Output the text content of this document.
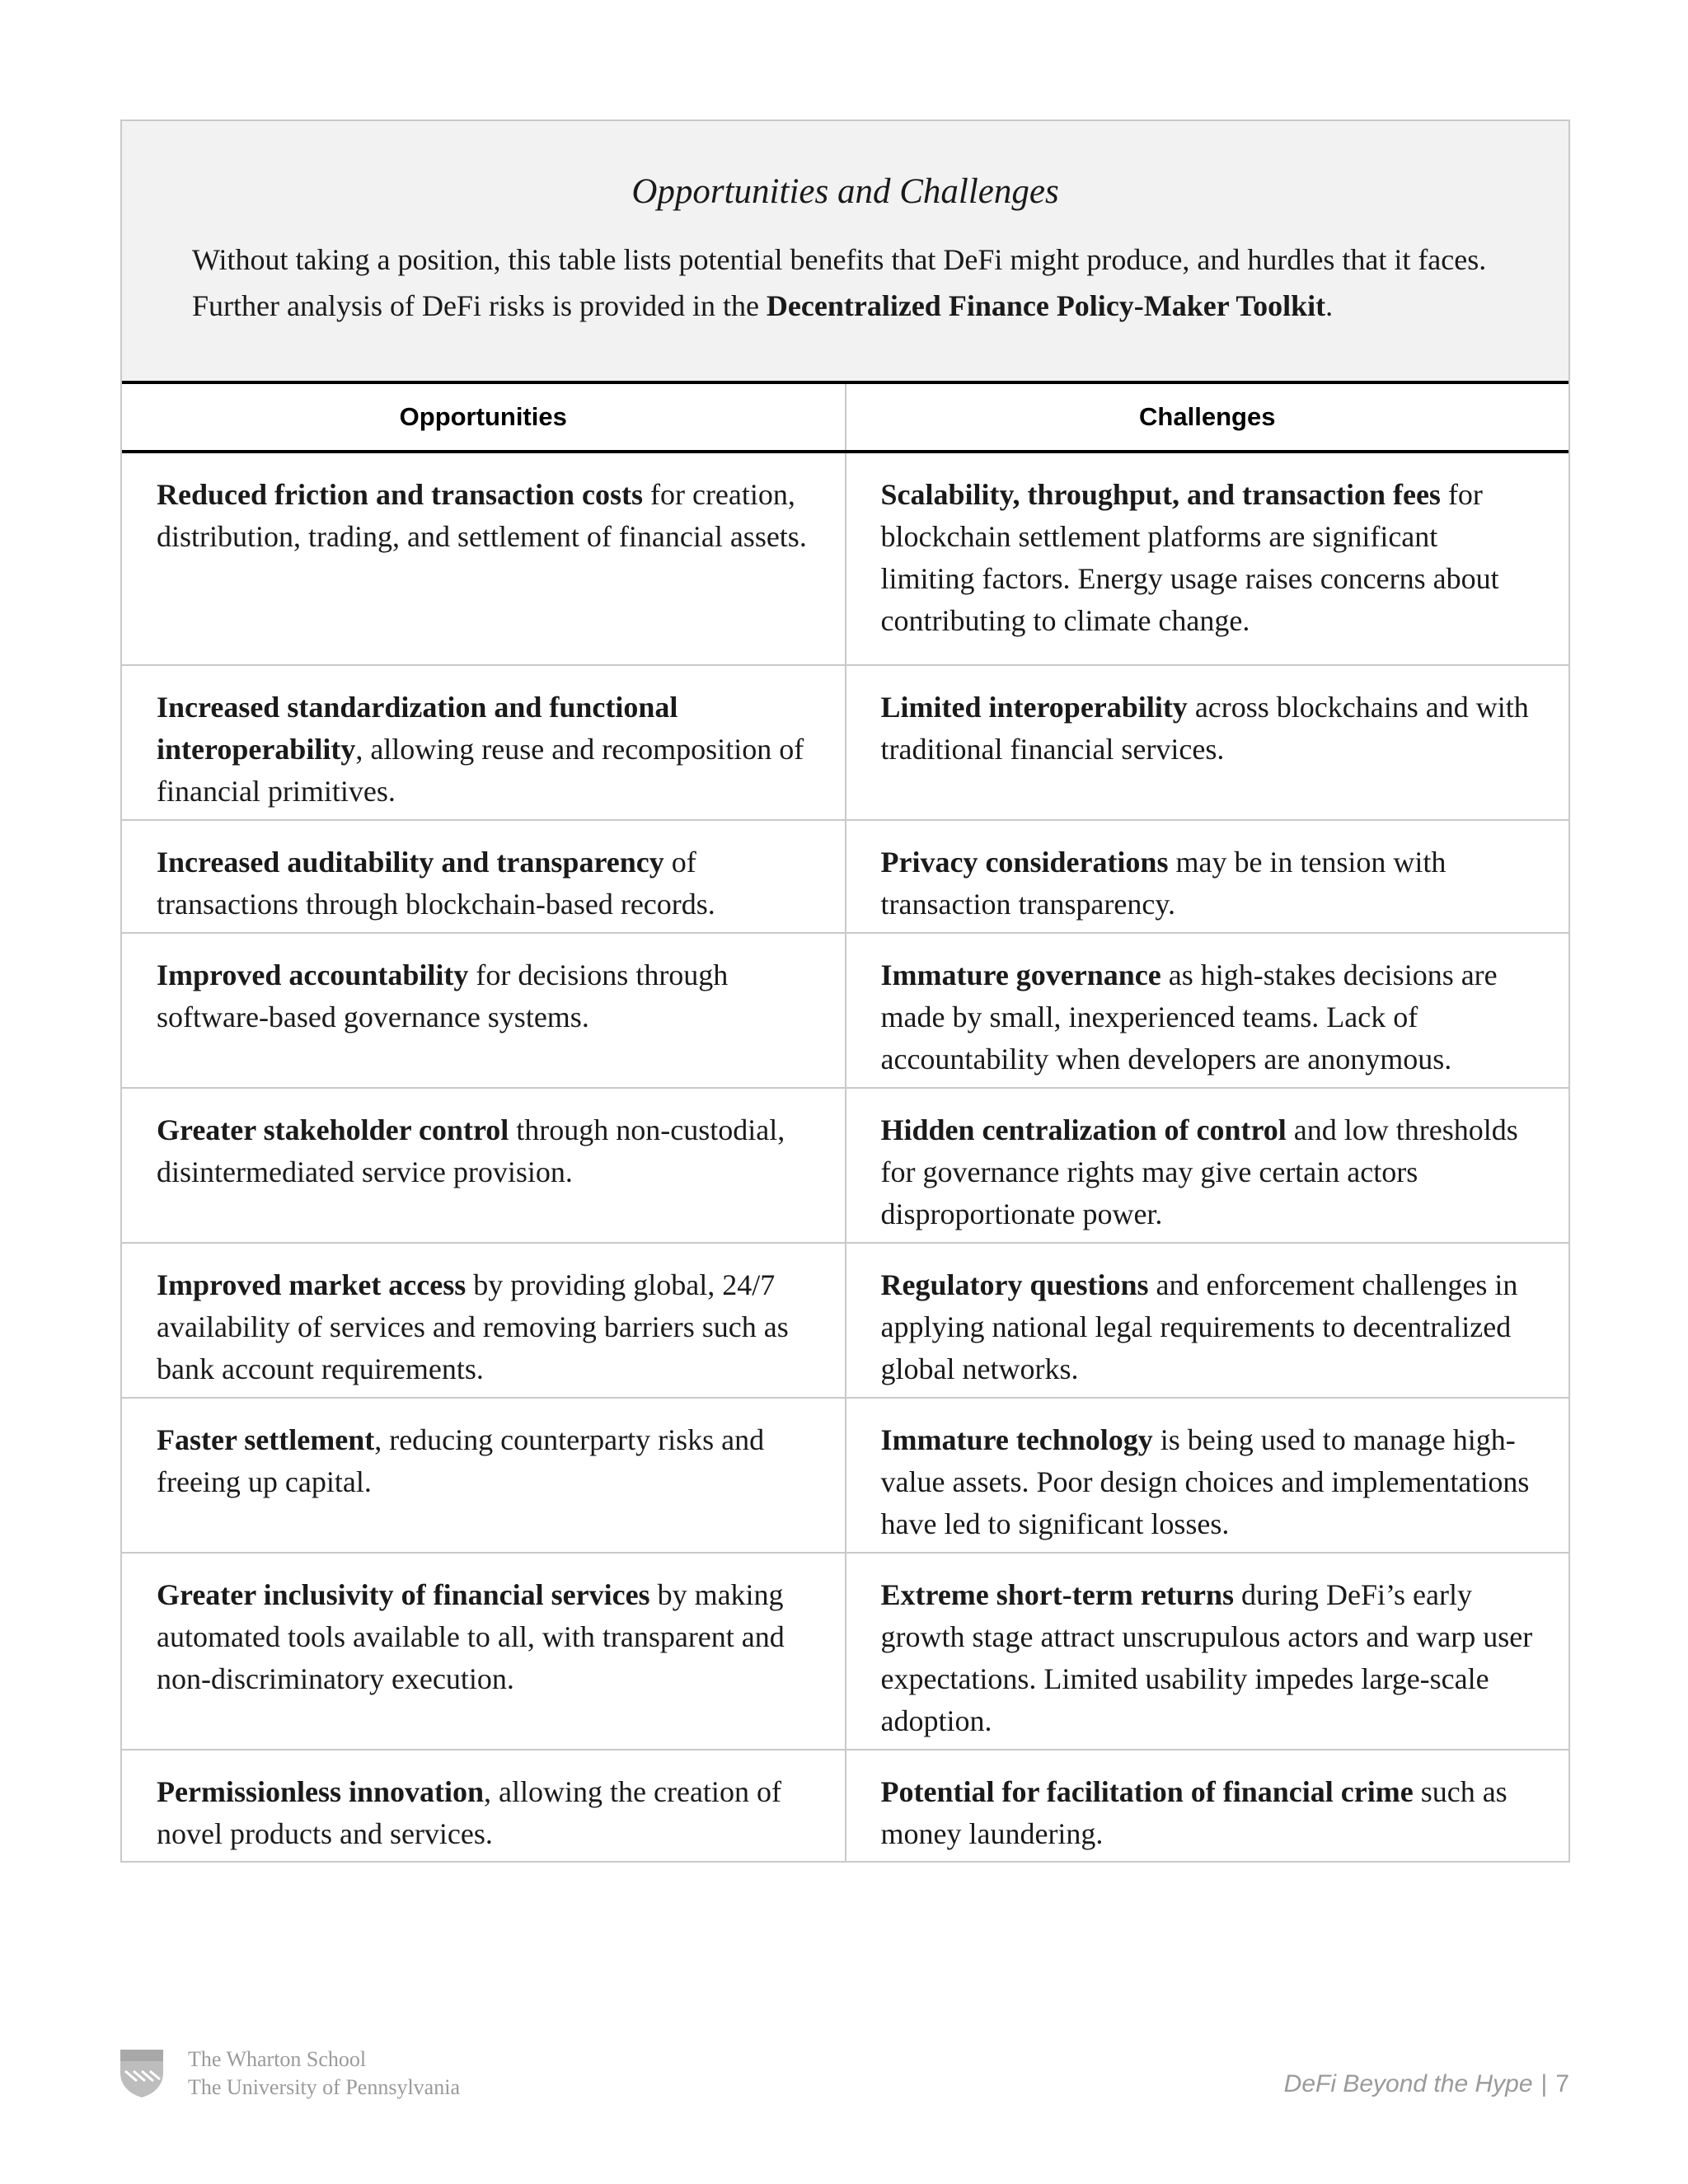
Opportunities and Challenges

Without taking a position, this table lists potential benefits that DeFi might produce, and hurdles that it faces. Further analysis of DeFi risks is provided in the Decentralized Finance Policy-Maker Toolkit.

Opportunities	Challenges
Reduced friction and transaction costs for creation, distribution, trading, and settlement of financial assets.	Scalability, throughput, and transaction fees for blockchain settlement platforms are significant limiting factors. Energy usage raises concerns about contributing to climate change.
Increased standardization and functional interoperability, allowing reuse and recomposition of financial primitives.	Limited interoperability across blockchains and with traditional financial services.
Increased auditability and transparency of transactions through blockchain-based records.	Privacy considerations may be in tension with transaction transparency.
Improved accountability for decisions through software-based governance systems.	Immature governance as high-stakes decisions are made by small, inexperienced teams. Lack of accountability when developers are anonymous.
Greater stakeholder control through non-custodial, disintermediated service provision.	Hidden centralization of control and low thresholds for governance rights may give certain actors disproportionate power.
Improved market access by providing global, 24/7 availability of services and removing barriers such as bank account requirements.	Regulatory questions and enforcement challenges in applying national legal requirements to decentralized global networks.
Faster settlement, reducing counterparty risks and freeing up capital.	Immature technology is being used to manage high-value assets. Poor design choices and implementations have led to significant losses.
Greater inclusivity of financial services by making automated tools available to all, with transparent and non-discriminatory execution.	Extreme short-term returns during DeFi’s early growth stage attract unscrupulous actors and warp user expectations. Limited usability impedes large-scale adoption.
Permissionless innovation, allowing the creation of novel products and services.	Potential for facilitation of financial crime such as money laundering.
The Wharton School
The University of Pennsylvania	DeFi Beyond the Hype | 7
